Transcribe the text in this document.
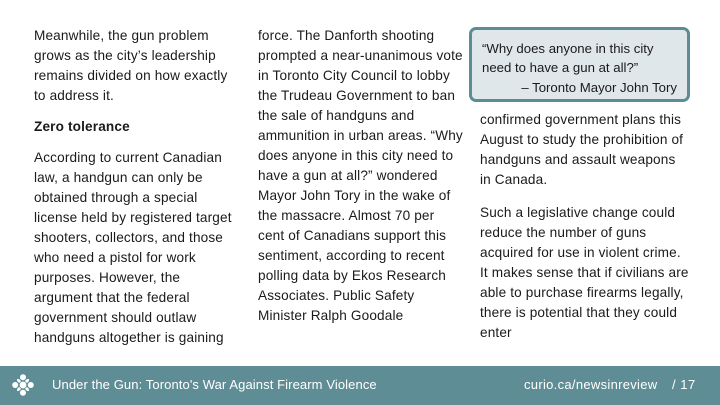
Meanwhile, the gun problem grows as the city’s leadership remains divided on how exactly to address it.

Zero tolerance

According to current Canadian law, a handgun can only be obtained through a special license held by registered target shooters, collectors, and those who need a pistol for work purposes. However, the argument that the federal government should outlaw handguns altogether is gaining

force. The Danforth shooting prompted a near-unanimous vote in Toronto City Council to lobby the Trudeau Government to ban the sale of handguns and ammunition in urban areas. “Why does anyone in this city need to have a gun at all?” wondered Mayor John Tory in the wake of the massacre. Almost 70 per cent of Canadians support this sentiment, according to recent polling data by Ekos Research Associates. Public Safety Minister Ralph Goodale

“Why does anyone in this city need to have a gun at all?”
– Toronto Mayor John Tory

confirmed government plans this August to study the prohibition of handguns and assault weapons in Canada.

Such a legislative change could reduce the number of guns acquired for use in violent crime. It makes sense that if civilians are able to purchase firearms legally, there is potential that they could enter

Under the Gun: Toronto's War Against Firearm Violence	curio.ca/newsinreview / 17
